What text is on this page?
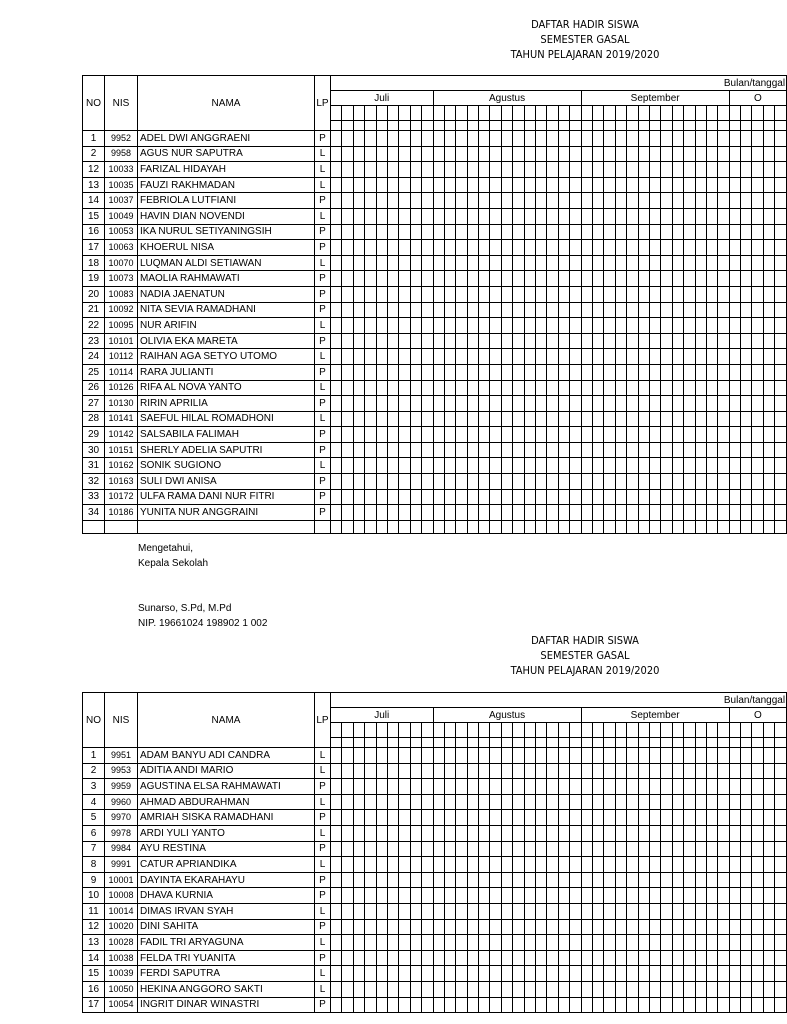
DAFTAR HADIR SISWA
SEMESTER GASAL
TAHUN PELAJARAN 2019/2020
NO	NIS	NAMA	LP	Bulan/tanggal																																							
				Juli									Agustus													September													O				

1	9952	ADEL DWI ANGGRAENI	P																																								
2	9958	AGUS NUR SAPUTRA	L																																								
12	10033	FARIZAL HIDAYAH	L																																								
13	10035	FAUZI RAKHMADAN	L																																								
14	10037	FEBRIOLA LUTFIANI	P																																								
15	10049	HAVIN DIAN NOVENDI	L																																								
16	10053	IKA NURUL SETIYANINGSIH	P																																								
17	10063	KHOERUL NISA	P																																								
18	10070	LUQMAN ALDI SETIAWAN	L																																								
19	10073	MAOLIA RAHMAWATI	P																																								
20	10083	NADIA JAENATUN	P																																								
21	10092	NITA SEVIA RAMADHANI	P																																								
22	10095	NUR ARIFIN	L																																								
23	10101	OLIVIA EKA MARETA	P																																								
24	10112	RAIHAN AGA SETYO UTOMO	L																																								
25	10114	RARA JULIANTI	P																																								
26	10126	RIFA AL NOVA YANTO	L																																								
27	10130	RIRIN APRILIA	P																																								
28	10141	SAEFUL HILAL ROMADHONI	L																																								
29	10142	SALSABILA FALIMAH	P																																								
30	10151	SHERLY ADELIA SAPUTRI	P																																								
31	10162	SONIK SUGIONO	L																																								
32	10163	SULI DWI ANISA	P																																								
33	10172	ULFA RAMA DANI NUR FITRI	P																																								
34	10186	YUNITA NUR ANGGRAINI	P																																								

Mengetahui,
Kepala Sekolah
Sunarso, S.Pd, M.Pd
NIP. 19661024 198902 1 002
DAFTAR HADIR SISWA
SEMESTER GASAL
TAHUN PELAJARAN 2019/2020
NO	NIS	NAMA	LP	Bulan/tanggal																																							
				Juli									Agustus													September													O				

1	9951	ADAM BANYU ADI CANDRA	L																																								
2	9953	ADITIA ANDI MARIO	L																																								
3	9959	AGUSTINA ELSA RAHMAWATI	P																																								
4	9960	AHMAD ABDURAHMAN	L																																								
5	9970	AMRIAH SISKA RAMADHANI	P																																								
6	9978	ARDI YULI YANTO	L																																								
7	9984	AYU RESTINA	P																																								
8	9991	CATUR APRIANDIKA	L																																								
9	10001	DAYINTA EKARAHAYU	P																																								
10	10008	DHAVA KURNIA	P																																								
11	10014	DIMAS IRVAN SYAH	L																																								
12	10020	DINI SAHITA	P																																								
13	10028	FADIL TRI ARYAGUNA	L																																								
14	10038	FELDA TRI YUANITA	P																																								
15	10039	FERDI SAPUTRA	L																																								
16	10050	HEKINA ANGGORO SAKTI	L																																								
17	10054	INGRIT DINAR WINASTRI	P																																								
